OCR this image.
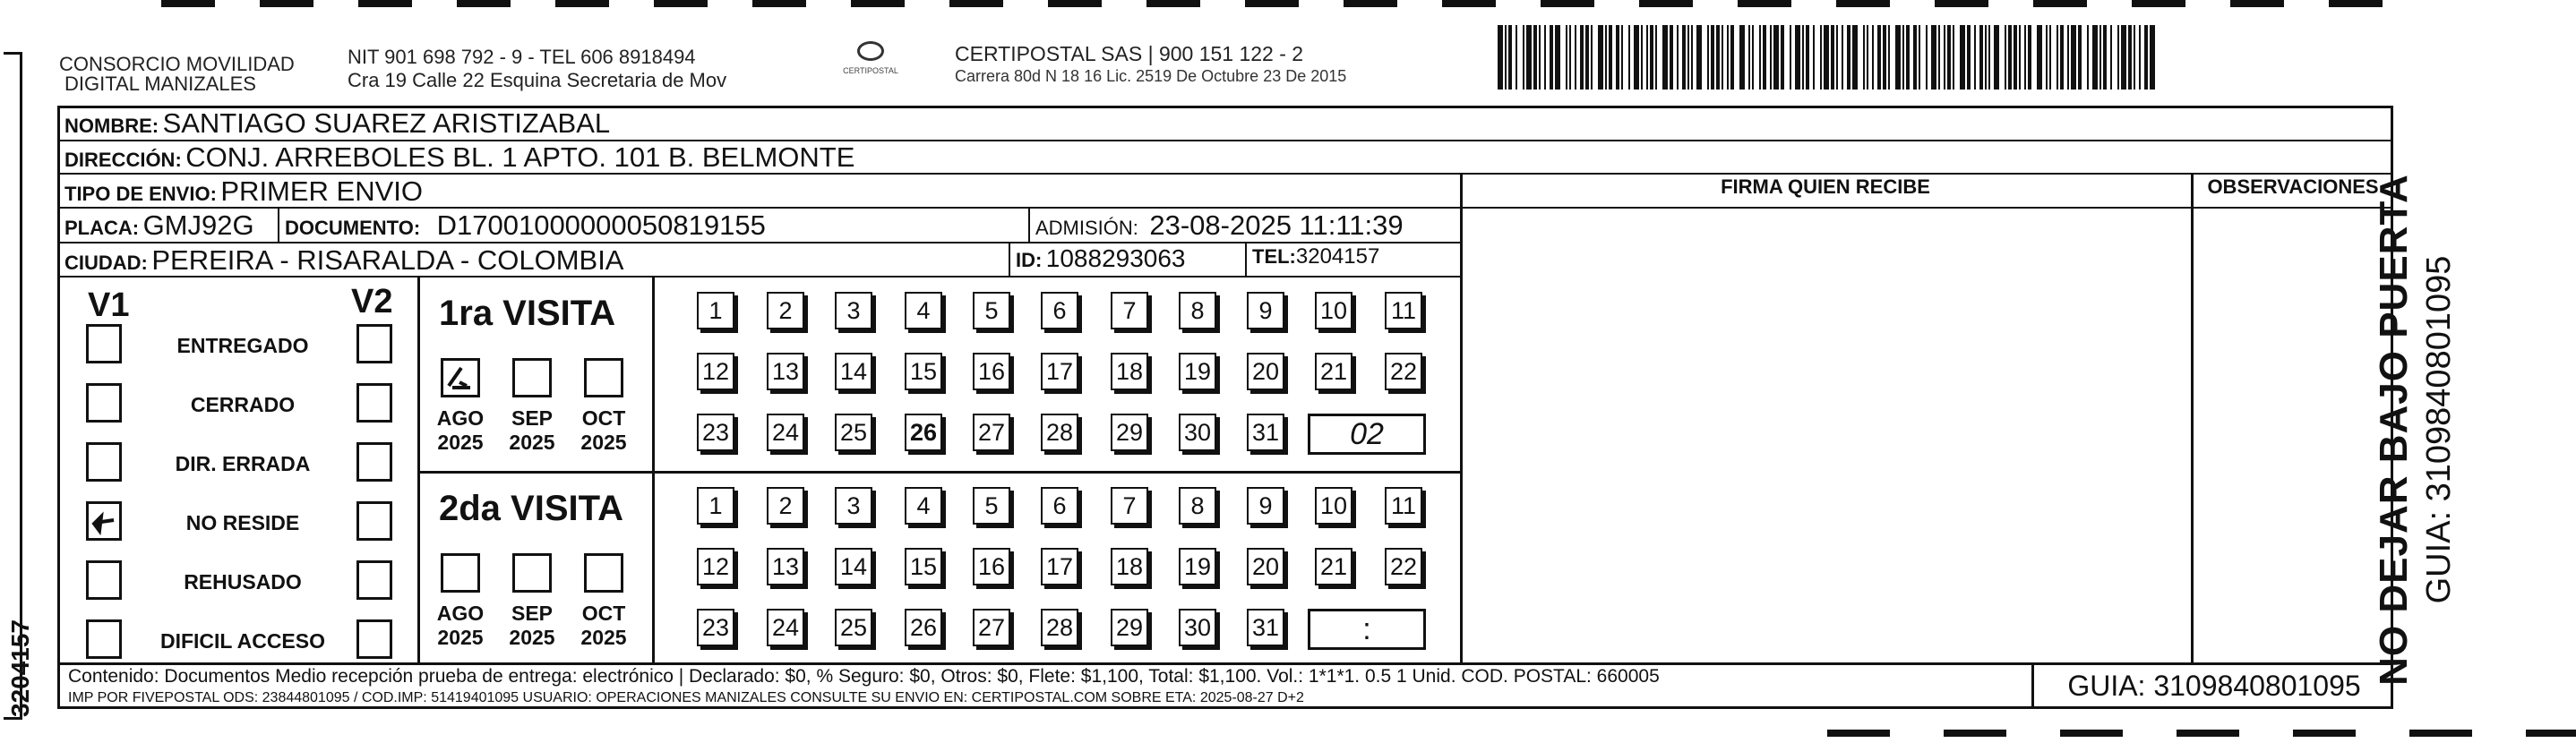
3204157
CONSORCIO MOVILIDAD
DIGITAL MANIZALES
NIT 901 698 792 - 9 - TEL 606 8918494
Cra 19 Calle 22 Esquina Secretaria de Mov	CERTIPOSTAL
CERTIPOSTAL SAS | 900 151 122 - 2
Carrera 80d N 18 16 Lic. 2519 De Octubre 23 De 2015
NOMBRE: SANTIAGO SUAREZ ARISTIZABAL
DIRECCIÓN: CONJ. ARREBOLES BL. 1 APTO. 101 B. BELMONTE
TIPO DE ENVIO: PRIMER ENVIO	FIRMA QUIEN RECIBE	OBSERVACIONES
PLACA: GMJ92G DOCUMENTO: D17001000000050819155	ADMISIÓN: 23-08-2025 11:11:39
CIUDAD: PEREIRA - RISARALDA - COLOMBIA	ID: 1088293063	TEL:3204157
V1	V2
ENTREGADO
CERRADO
DIR. ERRADA
NO RESIDE
REHUSADO
DIFICIL ACCESO
1ra VISITA
AGO
2025
SEP
2025
OCT
2025
1	2	3	4	5	6	7	8	9	10 11
12 13 14 15 16 17 18 19 20 21 22
23 24 25 26 27 28 29 30 31	02
2da VISITA
AGO
2025
SEP
2025
OCT
2025
1	2	3	4	5	6	7	8	9	10 11
12 13 14 15 16 17 18 19 20 21 22
23 24 25 26 27 28 29 30 31	:
Contenido: Documentos Medio recepción prueba de entrega: electrónico | Declarado: $0, % Seguro: $0, Otros: $0, Flete: $1,100, Total: $1,100. Vol.: 1*1*1. 0.5 1 Unid. COD. POSTAL: 660005
IMP POR FIVEPOSTAL ODS: 23844801095 / COD.IMP: 51419401095 USUARIO: OPERACIONES MANIZALES CONSULTE SU ENVIO EN: CERTIPOSTAL.COM SOBRE ETA: 2025-08-27 D+2	GUIA: 3109840801095
NO DEJAR BAJO PUERTA GUIA: 3109840801095
